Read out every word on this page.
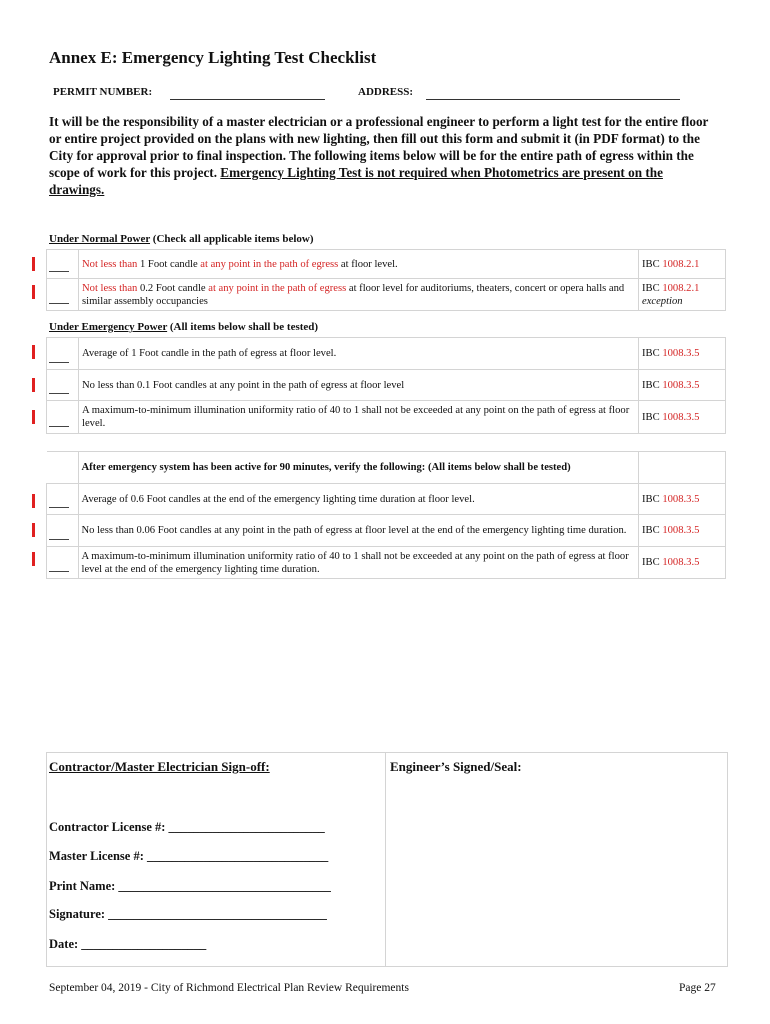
Annex E: Emergency Lighting Test Checklist
PERMIT NUMBER:	ADDRESS:
It will be the responsibility of a master electrician or a professional engineer to perform a light test for the entire floor or entire project provided on the plans with new lighting, then fill out this form and submit it (in PDF format) to the City for approval prior to final inspection. The following items below will be for the entire path of egress within the scope of work for this project. Emergency Lighting Test is not required when Photometrics are present on the drawings.
Under Normal Power (Check all applicable items below)
	Not less than 1 Foot candle at any point in the path of egress at floor level.	IBC 1008.2.1
	Not less than 0.2 Foot candle at any point in the path of egress at floor level for auditoriums, theaters, concert or opera halls and similar assembly occupancies	IBC 1008.2.1
exception
Under Emergency Power (All items below shall be tested)
	Average of 1 Foot candle in the path of egress at floor level.	IBC 1008.3.5
	No less than 0.1 Foot candles at any point in the path of egress at floor level	IBC 1008.3.5
	A maximum-to-minimum illumination uniformity ratio of 40 to 1 shall not be exceeded at any point on the path of egress at floor level.	IBC 1008.3.5
	After emergency system has been active for 90 minutes, verify the following: (All items below shall be tested)	
	Average of 0.6 Foot candles at the end of the emergency lighting time duration at floor level.	IBC 1008.3.5
	No less than 0.06 Foot candles at any point in the path of egress at floor level at the end of the emergency lighting time duration.	IBC 1008.3.5
	A maximum-to-minimum illumination uniformity ratio of 40 to 1 shall not be exceeded at any point on the path of egress at floor level at the end of the emergency lighting time duration.	IBC 1008.3.5
Contractor/Master Electrician Sign-off:	Engineer’s Signed/Seal:
Contractor License #: _________________________
Master License #: _____________________________
Print Name: __________________________________
Signature: ___________________________________
Date: ____________________
September 04, 2019 - City of Richmond Electrical Plan Review Requirements	Page 27
